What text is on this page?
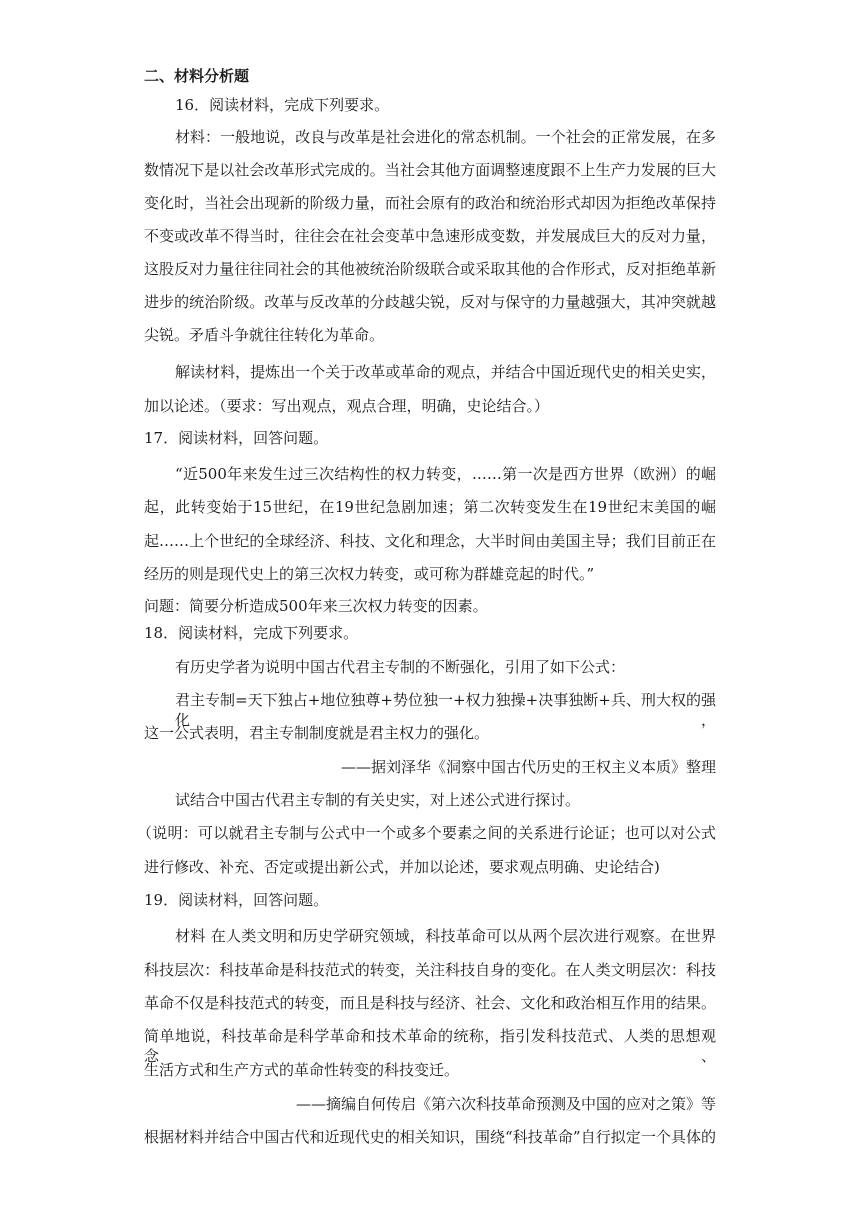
二、材料分析题
16．阅读材料，完成下列要求。
材料：一般地说，改良与改革是社会进化的常态机制。一个社会的正常发展，在多
数情况下是以社会改革形式完成的。当社会其他方面调整速度跟不上生产力发展的巨大
变化时，当社会出现新的阶级力量，而社会原有的政治和统治形式却因为拒绝改革保持
不变或改革不得当时，往往会在社会变革中急速形成变数，并发展成巨大的反对力量，
这股反对力量往往同社会的其他被统治阶级联合或采取其他的合作形式，反对拒绝革新
进步的统治阶级。改革与反改革的分歧越尖锐，反对与保守的力量越强大，其冲突就越
尖锐。矛盾斗争就往往转化为革命。
解读材料，提炼出一个关于改革或革命的观点，并结合中国近现代史的相关史实，
加以论述。（要求：写出观点，观点合理，明确，史论结合。）
17．阅读材料，回答问题。
“近500年来发生过三次结构性的权力转变，……第一次是西方世界（欧洲）的崛
起，此转变始于15世纪，在19世纪急剧加速；第二次转变发生在19世纪末美国的崛
起……上个世纪的全球经济、科技、文化和理念，大半时间由美国主导；我们目前正在
经历的则是现代史上的第三次权力转变，或可称为群雄竞起的时代。”
问题：简要分析造成500年来三次权力转变的因素。
18．阅读材料，完成下列要求。
有历史学者为说明中国古代君主专制的不断强化，引用了如下公式：
君主专制=天下独占+地位独尊+势位独一+权力独操+决事独断+兵、刑大权的强化，
这一公式表明，君主专制制度就是君主权力的强化。
——据刘泽华《洞察中国古代历史的王权主义本质》整理
试结合中国古代君主专制的有关史实，对上述公式进行探讨。
（说明：可以就君主专制与公式中一个或多个要素之间的关系进行论证；也可以对公式
进行修改、补充、否定或提出新公式，并加以论述，要求观点明确、史论结合)
19．阅读材料，回答问题。
材料 在人类文明和历史学研究领域，科技革命可以从两个层次进行观察。在世界
科技层次：科技革命是科技范式的转变，关注科技自身的变化。在人类文明层次：科技
革命不仅是科技范式的转变，而且是科技与经济、社会、文化和政治相互作用的结果。
简单地说，科技革命是科学革命和技术革命的统称，指引发科技范式、人类的思想观念、
生活方式和生产方式的革命性转变的科技变迁。
——摘编自何传启《第六次科技革命预测及中国的应对之策》等
根据材料并结合中国古代和近现代史的相关知识，围绕“科技革命”自行拟定一个具体的
